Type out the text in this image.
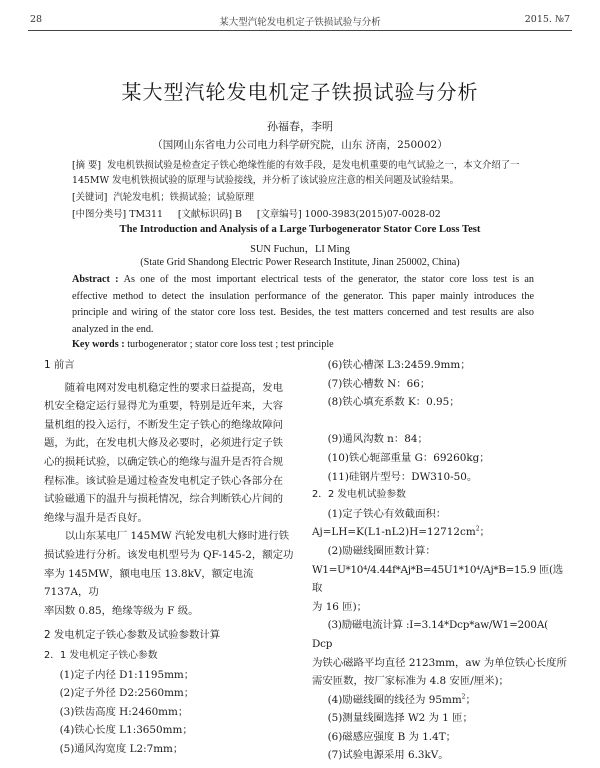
28	某大型汽轮发电机定子铁损试验与分析	2015. №7
某大型汽轮发电机定子铁损试验与分析
孙福春，李明
（国网山东省电力公司电力科学研究院，山东 济南，250002）
[摘 要] 发电机铁损试验是检查定子铁心绝缘性能的有效手段，是发电机重要的电气试验之一，本文介绍了一
145MW 发电机铁损试验的原理与试验接线，并分析了该试验应注意的相关问题及试验结果。
[关键词] 汽轮发电机；铁损试验；试验原理
[中图分类号] TM311 [文献标识码] B [文章编号] 1000-3983(2015)07-0028-02
The Introduction and Analysis of a Large Turbogenerator Stator Core Loss Test
SUN Fuchun，LI Ming
(State Grid Shandong Electric Power Research Institute, Jinan 250002, China)
Abstract : As one of the most important electrical tests of the generator, the stator core loss test is an
effective method to detect the insulation performance of the generator. This paper mainly introduces the
principle and wiring of the stator core loss test. Besides, the test matters concerned and test results are also
analyzed in the end.
Key words : turbogenerator ; stator core loss test ; test principle

1 前言

随着电网对发电机稳定性的要求日益提高，发电

机安全稳定运行显得尤为重要，特别是近年来，大容

量机组的投入运行，不断发生定子铁心的绝缘故障问

题，为此，在发电机大修及必要时，必须进行定子铁

心的损耗试验，以确定铁心的绝缘与温升是否符合规

程标准。该试验是通过检查发电机定子铁心各部分在

试验磁通下的温升与损耗情况，综合判断铁心片间的

绝缘与温升是否良好。

以山东某电厂 145MW 汽轮发电机大修时进行铁

损试验进行分析。该发电机型号为 QF-145-2，额定功

率为 145MW，额电电压 13.8kV，额定电流 7137A，功

率因数 0.85，绝缘等级为 F 级。

2 发电机定子铁心参数及试验参数计算

2．1 发电机定子铁心参数

(1)定子内径 D1:1195mm；

(2)定子外径 D2:2560mm；

(3)铁齿高度 H:2460mm；

(4)铁心长度 L1:3650mm；

(5)通风沟宽度 L2:7mm；

(6)铁心槽深 L3:2459.9mm；

(7)铁心槽数 N：66；

(8)铁心填充系数 K：0.95；

(9)通风沟数 n：84；

(10)铁心轭部重量 G：69260kg；

(11)硅钢片型号：DW310-50。

2．2 发电机试验参数

(1)定子铁心有效截面积：

$Aj=LH=K(L1-nL2)H=12712cm^2$；

(2)励磁线圈匝数计算：

W1=U*10⁴/4.44f*Aj*B=45U1*10⁴/Aj*B=15.9 匝(选取

为 16 匝)；

(3)励磁电流计算 :I=3.14*Dcp*aw/W1=200A( Dcp

为铁心磁路平均直径 2123mm，aw 为单位铁心长度所

需安匝数，按厂家标准为 4.8 安匝/厘米)；

(4)励磁线圈的线径为 $95mm^2$；

(5)测量线圈选择 W2 为 1 匝；

(6)磁感应强度 B 为 1.4T；

(7)试验电源采用 6.3kV。
